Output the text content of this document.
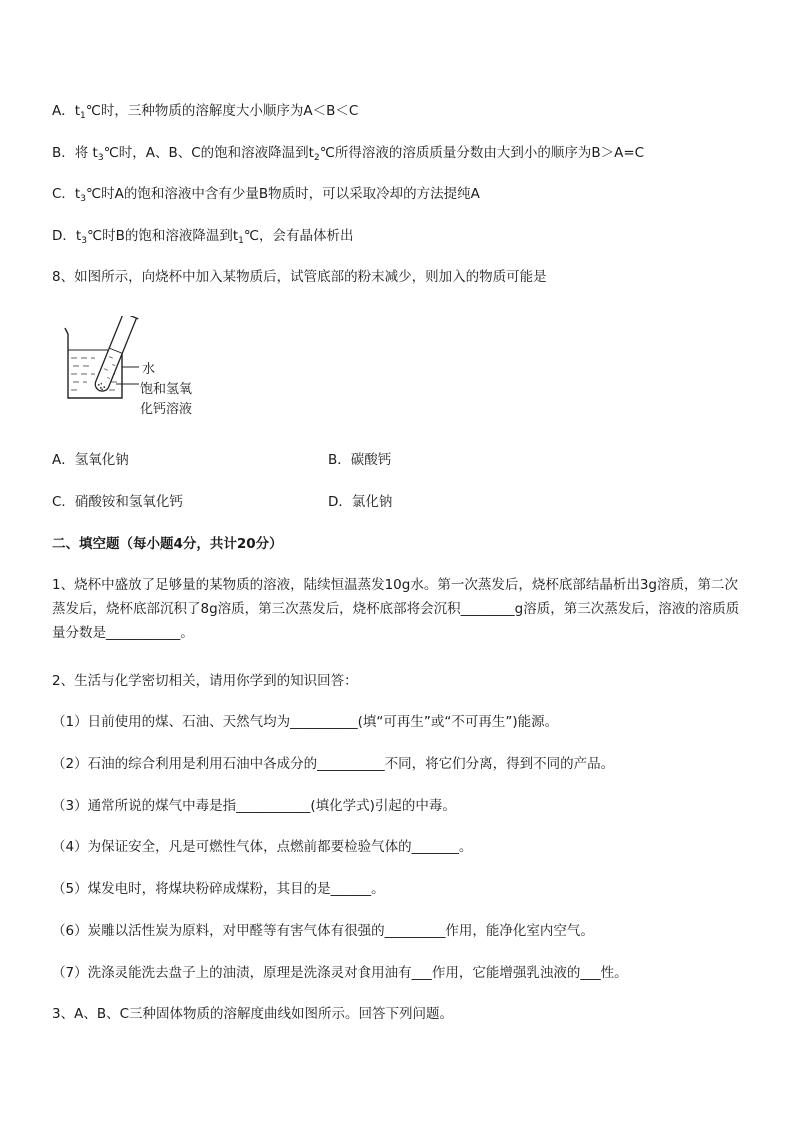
A．$t_1℃$时，三种物质的溶解度大小顺序为A＜B＜C
B．将 $t_3℃$时，A、B、C的饱和溶液降温到$t_2℃$所得溶液的溶质质量分数由大到小的顺序为B＞A=C
C．$t_3℃$时A的饱和溶液中含有少量B物质时，可以采取冷却的方法提纯A
D．$t_3℃$时B的饱和溶液降温到$t_1℃$，会有晶体析出
8、如图所示，向烧杯中加入某物质后，试管底部的粉末减少，则加入的物质可能是
水
饱和氢氧
化钙溶液
A．氢氧化钠	B．碳酸钙
C．硝酸铵和氢氧化钙	D．氯化钠
二、填空题（每小题4分，共计20分）
1、烧杯中盛放了足够量的某物质的溶液，陆续恒温蒸发10g水。第一次蒸发后，烧杯底部结晶析出3g溶质，第二次蒸发后，烧杯底部沉积了8g溶质，第三次蒸发后，烧杯底部将会沉积________g溶质，第三次蒸发后，溶液的溶质质量分数是___________。
2、生活与化学密切相关，请用你学到的知识回答：
（1）日前使用的煤、石油、天然气均为__________(填“可再生”或“不可再生”)能源。
（2）石油的综合利用是利用石油中各成分的__________不同，将它们分离，得到不同的产品。
（3）通常所说的煤气中毒是指___________(填化学式)引起的中毒。
（4）为保证安全，凡是可燃性气体，点燃前都要检验气体的_______。
（5）煤发电时，将煤块粉碎成煤粉，其目的是______。
（6）炭雕以活性炭为原料，对甲醛等有害气体有很强的_________作用，能净化室内空气。
（7）洗涤灵能洗去盘子上的油渍，原理是洗涤灵对食用油有___作用，它能增强乳浊液的___性。
3、A、B、C三种固体物质的溶解度曲线如图所示。回答下列问题。
